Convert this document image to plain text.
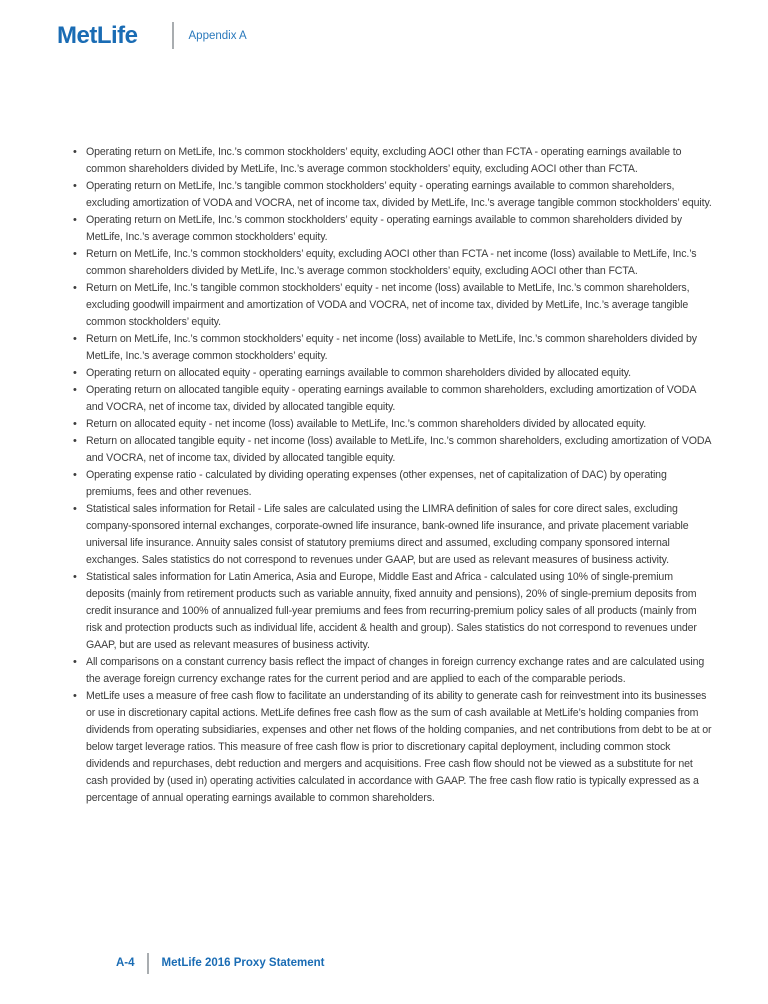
MetLife	Appendix A
• Operating return on MetLife, Inc.’s common stockholders’ equity, excluding AOCI other than FCTA - operating earnings available to common shareholders divided by MetLife, Inc.’s average common stockholders’ equity, excluding AOCI other than FCTA.
• Operating return on MetLife, Inc.’s tangible common stockholders’ equity - operating earnings available to common shareholders, excluding amortization of VODA and VOCRA, net of income tax, divided by MetLife, Inc.’s average tangible common stockholders’ equity.
• Operating return on MetLife, Inc.’s common stockholders’ equity - operating earnings available to common shareholders divided by MetLife, Inc.’s average common stockholders’ equity.
• Return on MetLife, Inc.’s common stockholders’ equity, excluding AOCI other than FCTA - net income (loss) available to MetLife, Inc.’s common shareholders divided by MetLife, Inc.’s average common stockholders’ equity, excluding AOCI other than FCTA.
• Return on MetLife, Inc.’s tangible common stockholders’ equity - net income (loss) available to MetLife, Inc.’s common shareholders, excluding goodwill impairment and amortization of VODA and VOCRA, net of income tax, divided by MetLife, Inc.’s average tangible common stockholders’ equity.
• Return on MetLife, Inc.’s common stockholders’ equity - net income (loss) available to MetLife, Inc.’s common shareholders divided by MetLife, Inc.’s average common stockholders’ equity.
• Operating return on allocated equity - operating earnings available to common shareholders divided by allocated equity.
• Operating return on allocated tangible equity - operating earnings available to common shareholders, excluding amortization of VODA and VOCRA, net of income tax, divided by allocated tangible equity.
• Return on allocated equity - net income (loss) available to MetLife, Inc.’s common shareholders divided by allocated equity.
• Return on allocated tangible equity - net income (loss) available to MetLife, Inc.’s common shareholders, excluding amortization of VODA and VOCRA, net of income tax, divided by allocated tangible equity.
• Operating expense ratio - calculated by dividing operating expenses (other expenses, net of capitalization of DAC) by operating premiums, fees and other revenues.
• Statistical sales information for Retail - Life sales are calculated using the LIMRA definition of sales for core direct sales, excluding company-sponsored internal exchanges, corporate-owned life insurance, bank-owned life insurance, and private placement variable universal life insurance. Annuity sales consist of statutory premiums direct and assumed, excluding company sponsored internal exchanges. Sales statistics do not correspond to revenues under GAAP, but are used as relevant measures of business activity.
• Statistical sales information for Latin America, Asia and Europe, Middle East and Africa - calculated using 10% of single-premium deposits (mainly from retirement products such as variable annuity, fixed annuity and pensions), 20% of single-premium deposits from credit insurance and 100% of annualized full-year premiums and fees from recurring-premium policy sales of all products (mainly from risk and protection products such as individual life, accident & health and group). Sales statistics do not correspond to revenues under GAAP, but are used as relevant measures of business activity.
• All comparisons on a constant currency basis reflect the impact of changes in foreign currency exchange rates and are calculated using the average foreign currency exchange rates for the current period and are applied to each of the comparable periods.
• MetLife uses a measure of free cash flow to facilitate an understanding of its ability to generate cash for reinvestment into its businesses or use in discretionary capital actions. MetLife defines free cash flow as the sum of cash available at MetLife’s holding companies from dividends from operating subsidiaries, expenses and other net flows of the holding companies, and net contributions from debt to be at or below target leverage ratios. This measure of free cash flow is prior to discretionary capital deployment, including common stock dividends and repurchases, debt reduction and mergers and acquisitions. Free cash flow should not be viewed as a substitute for net cash provided by (used in) operating activities calculated in accordance with GAAP. The free cash flow ratio is typically expressed as a percentage of annual operating earnings available to common shareholders.
A-4 MetLife 2016 Proxy Statement
